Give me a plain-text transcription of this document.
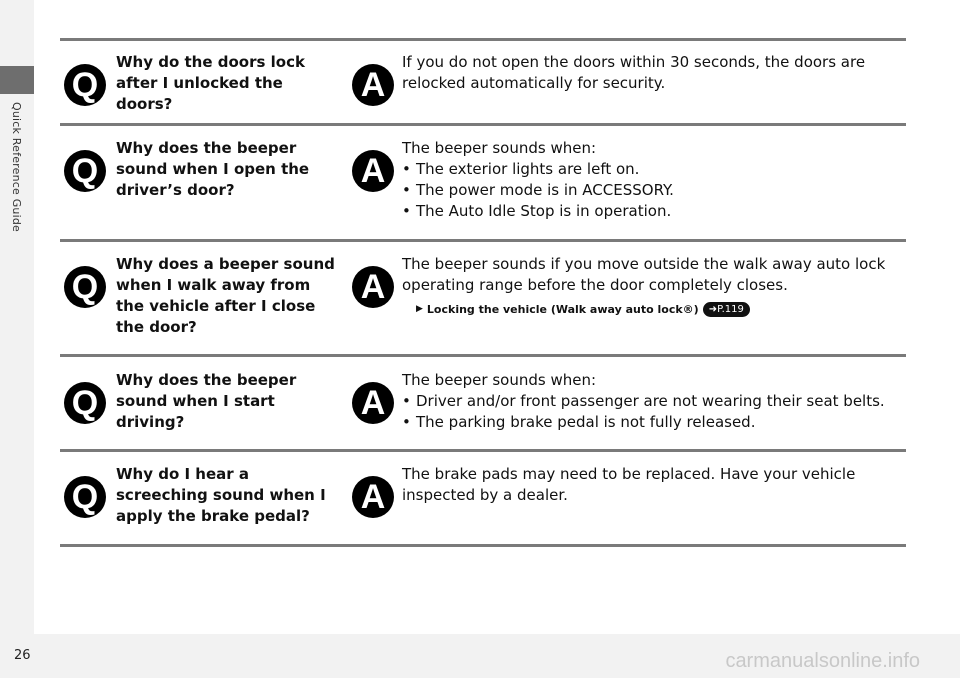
Quick Reference Guide
Q
Why do the doors lock after I unlocked the doors?	A
If you do not open the doors within 30 seconds, the doors are relocked automatically for security.
Q
Why does the beeper sound when I open the driver’s door?	A
The beeper sounds when:
• The exterior lights are left on.
• The power mode is in ACCESSORY.
• The Auto Idle Stop is in operation.
Q
Why does a beeper sound when I walk away from the vehicle after I close the door?
A
The beeper sounds if you move outside the walk away auto lock operating range before the door completely closes.
▶ Locking the vehicle (Walk away auto lock®)	➜P.119
Q
Why does the beeper sound when I start driving?	A
The beeper sounds when:
• Driver and/or front passenger are not wearing their seat belts.
• The parking brake pedal is not fully released.
Q
Why do I hear a screeching sound when I apply the brake pedal?	A
The brake pads may need to be replaced. Have your vehicle inspected by a dealer.
26	carmanualsonline.info
